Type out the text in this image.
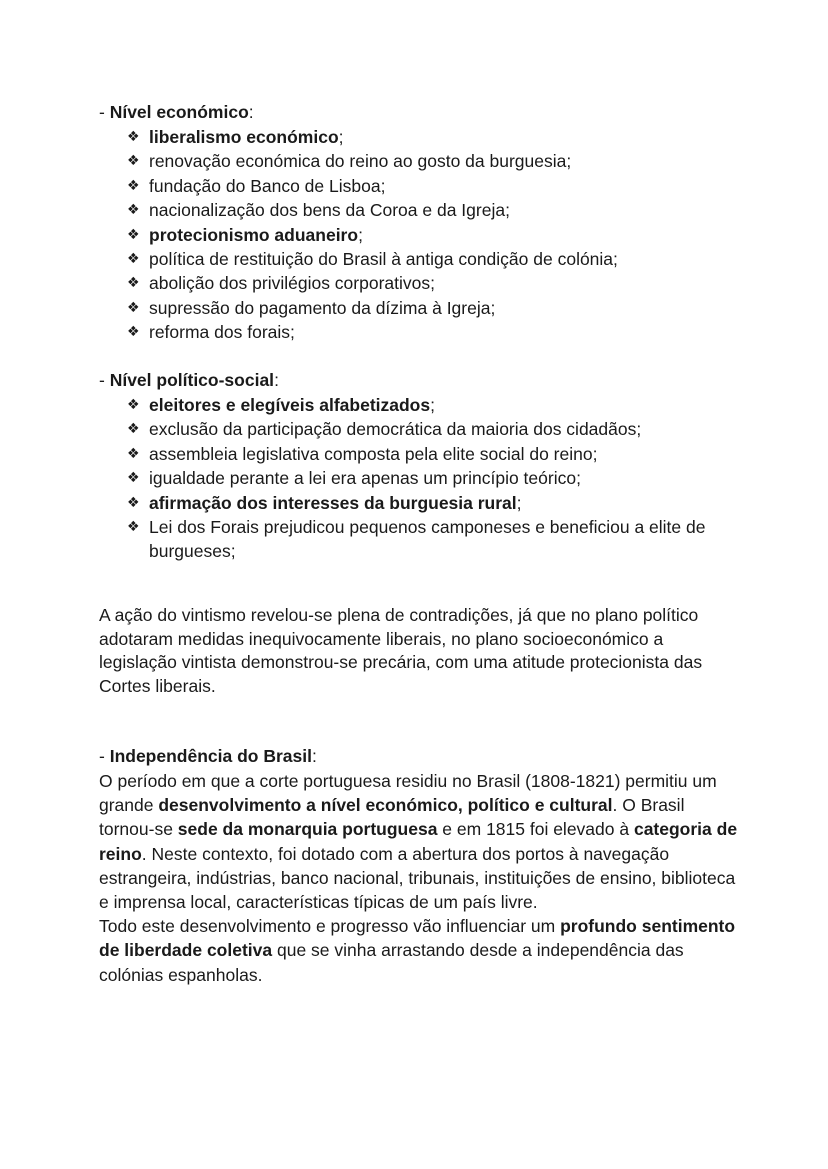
- Nível económico:
❖ liberalismo económico;
❖ renovação económica do reino ao gosto da burguesia;
❖ fundação do Banco de Lisboa;
❖ nacionalização dos bens da Coroa e da Igreja;
❖ protecionismo aduaneiro;
❖ política de restituição do Brasil à antiga condição de colónia;
❖ abolição dos privilégios corporativos;
❖ supressão do pagamento da dízima à Igreja;
❖ reforma dos forais;
- Nível político-social:
❖ eleitores e elegíveis alfabetizados;
❖ exclusão da participação democrática da maioria dos cidadãos;
❖ assembleia legislativa composta pela elite social do reino;
❖ igualdade perante a lei era apenas um princípio teórico;
❖ afirmação dos interesses da burguesia rural;
❖ Lei dos Forais prejudicou pequenos camponeses e beneficiou a elite de burgueses;

A ação do vintismo revelou-se plena de contradições, já que no plano político adotaram medidas inequivocamente liberais, no plano socioeconómico a legislação vintista demonstrou-se precária, com uma atitude protecionista das Cortes liberais.

- Independência do Brasil:
O período em que a corte portuguesa residiu no Brasil (1808-1821) permitiu um grande desenvolvimento a nível económico, político e cultural. O Brasil tornou-se sede da monarquia portuguesa e em 1815 foi elevado à categoria de reino. Neste contexto, foi dotado com a abertura dos portos à navegação estrangeira, indústrias, banco nacional, tribunais, instituições de ensino, biblioteca e imprensa local, características típicas de um país livre.
Todo este desenvolvimento e progresso vão influenciar um profundo sentimento de liberdade coletiva que se vinha arrastando desde a independência das colónias espanholas.
